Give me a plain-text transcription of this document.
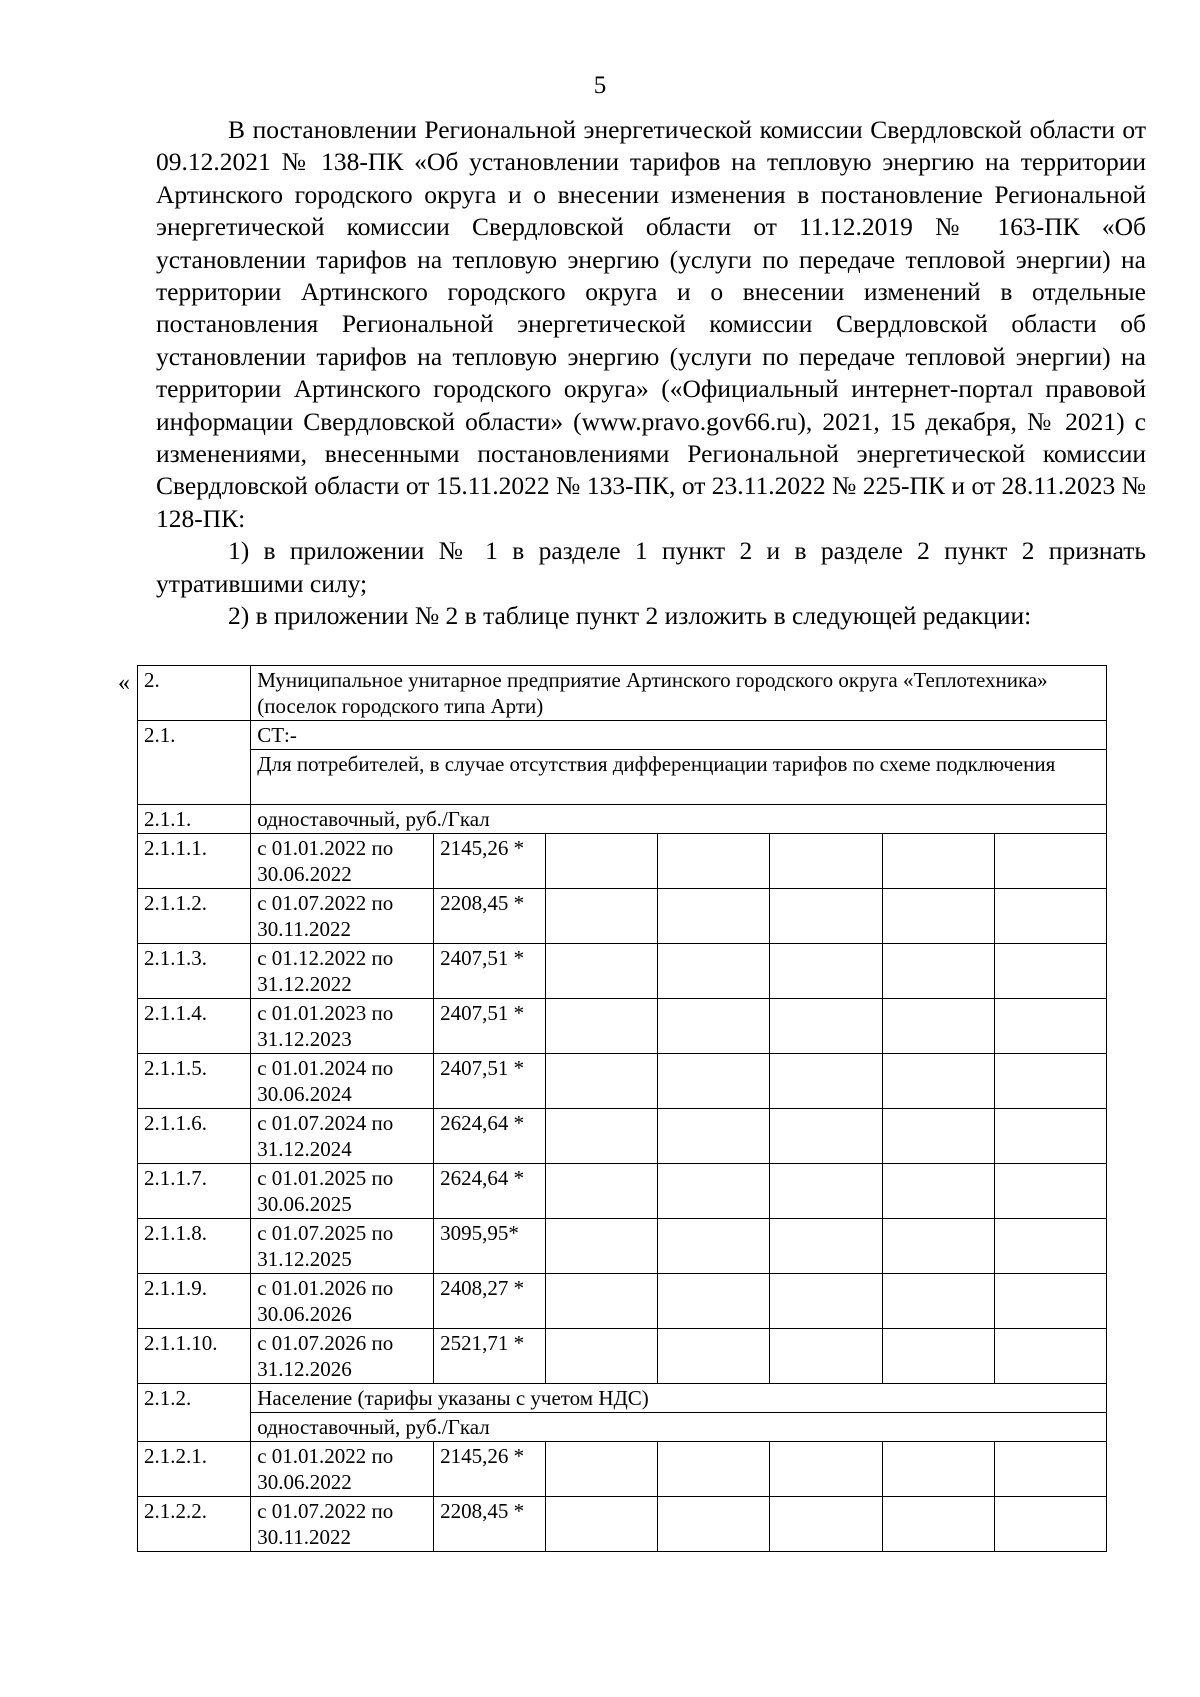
5

В постановлении Региональной энергетической комиссии Свердловской области от 09.12.2021 № 138-ПК «Об установлении тарифов на тепловую энергию на территории Артинского городского округа и о внесении изменения в постановление Региональной энергетической комиссии Свердловской области от 11.12.2019 № 163-ПК «Об установлении тарифов на тепловую энергию (услуги по передаче тепловой энергии) на территории Артинского городского округа и о внесении изменений в отдельные постановления Региональной энергетической комиссии Свердловской области об установлении тарифов на тепловую энергию (услуги по передаче тепловой энергии) на территории Артинского городского округа» («Официальный интернет-портал правовой информации Свердловской области» (www.pravo.gov66.ru), 2021, 15 декабря, № 2021) с изменениями, внесенными постановлениями Региональной энергетической комиссии Свердловской области от 15.11.2022 № 133-ПК, от 23.11.2022 № 225-ПК и от 28.11.2023 № 128-ПК:

1) в приложении № 1 в разделе 1 пункт 2 и в разделе 2 пункт 2 признать утратившими силу;

2) в приложении № 2 в таблице пункт 2 изложить в следующей редакции:

« 2.	Муниципальное унитарное предприятие Артинского городского округа «Теплотехника» (поселок городского типа Арти)						
2.1.	СТ:-						
	Для потребителей, в случае отсутствия дифференциации тарифов по схеме подключения						
2.1.1.	одноставочный, руб./Гкал						
2.1.1.1.	с 01.01.2022 по 30.06.2022	2145,26 *					
2.1.1.2.	с 01.07.2022 по 30.11.2022	2208,45 *					
2.1.1.3.	с 01.12.2022 по 31.12.2022	2407,51 *					
2.1.1.4.	с 01.01.2023 по 31.12.2023	2407,51 *					
2.1.1.5.	с 01.01.2024 по 30.06.2024	2407,51 *					
2.1.1.6.	с 01.07.2024 по 31.12.2024	2624,64 *					
2.1.1.7.	с 01.01.2025 по 30.06.2025	2624,64 *					
2.1.1.8.	с 01.07.2025 по 31.12.2025	3095,95*					
2.1.1.9.	с 01.01.2026 по 30.06.2026	2408,27 *					
2.1.1.10.	с 01.07.2026 по 31.12.2026	2521,71 *					
2.1.2.	Население (тарифы указаны с учетом НДС)						
	одноставочный, руб./Гкал						
2.1.2.1.	с 01.01.2022 по 30.06.2022	2145,26 *					
2.1.2.2.	с 01.07.2022 по 30.11.2022	2208,45 *					
